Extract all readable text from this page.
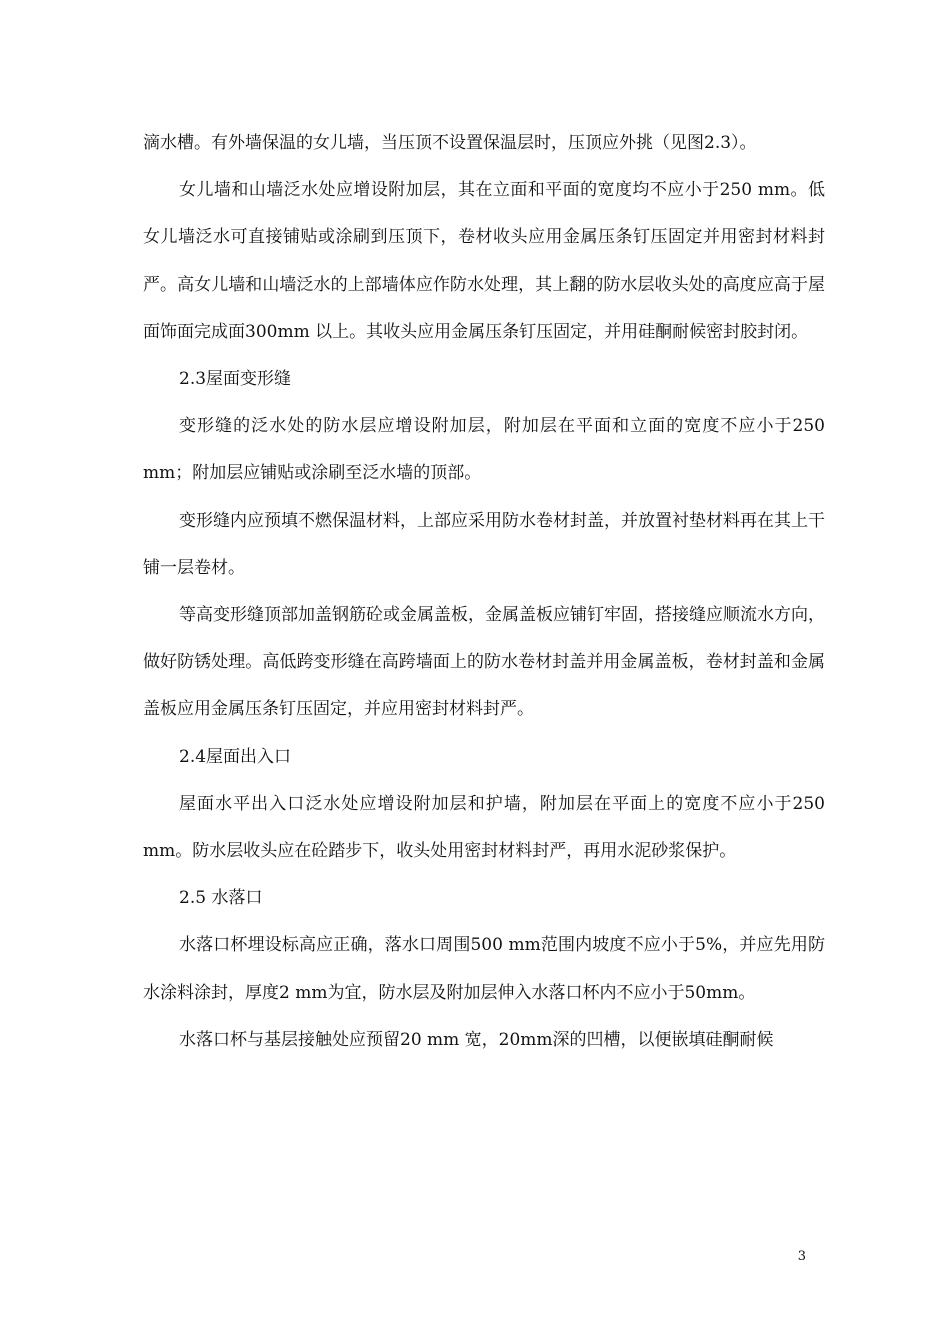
滴水槽。有外墙保温的女儿墙，当压顶不设置保温层时，压顶应外挑（见图2.3）。

女儿墙和山墙泛水处应增设附加层，其在立面和平面的宽度均不应小于250 mm。低女儿墙泛水可直接铺贴或涂刷到压顶下，卷材收头应用金属压条钉压固定并用密封材料封严。高女儿墙和山墙泛水的上部墙体应作防水处理，其上翻的防水层收头处的高度应高于屋面饰面完成面300mm 以上。其收头应用金属压条钉压固定，并用硅酮耐候密封胶封闭。

2.3屋面变形缝

变形缝的泛水处的防水层应增设附加层，附加层在平面和立面的宽度不应小于250 mm；附加层应铺贴或涂刷至泛水墙的顶部。

变形缝内应预填不燃保温材料，上部应采用防水卷材封盖，并放置衬垫材料再在其上干铺一层卷材。

等高变形缝顶部加盖钢筋砼或金属盖板，金属盖板应铺钉牢固，搭接缝应顺流水方向，做好防锈处理。高低跨变形缝在高跨墙面上的防水卷材封盖并用金属盖板，卷材封盖和金属盖板应用金属压条钉压固定，并应用密封材料封严。

2.4屋面出入口

屋面水平出入口泛水处应增设附加层和护墙，附加层在平面上的宽度不应小于250 mm。防水层收头应在砼踏步下，收头处用密封材料封严，再用水泥砂浆保护。

2.5 水落口

水落口杯埋设标高应正确，落水口周围500 mm范围内坡度不应小于5%，并应先用防水涂料涂封，厚度2 mm为宜，防水层及附加层伸入水落口杯内不应小于50mm。

水落口杯与基层接触处应预留20 mm 宽，20mm深的凹槽，以便嵌填硅酮耐候

3
